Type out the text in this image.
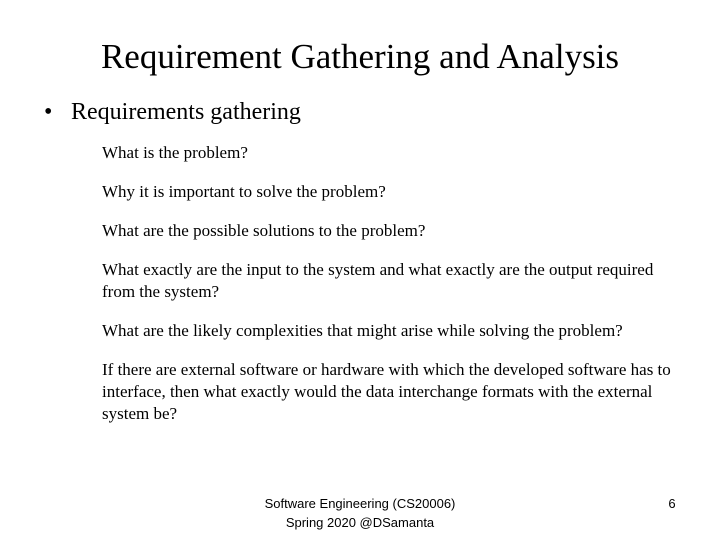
Requirement Gathering and Analysis
• Requirements gathering
What is the problem?
Why it is important to solve the problem?
What are the possible solutions to the problem?
What exactly are the input to the system and what exactly are the output required from the system?
What are the likely complexities that might arise while solving the problem?
If there are external software or hardware with which the developed software has to interface, then what exactly would the data interchange formats with the external system be?
Software Engineering (CS20006)
Spring 2020 @DSamanta
6
